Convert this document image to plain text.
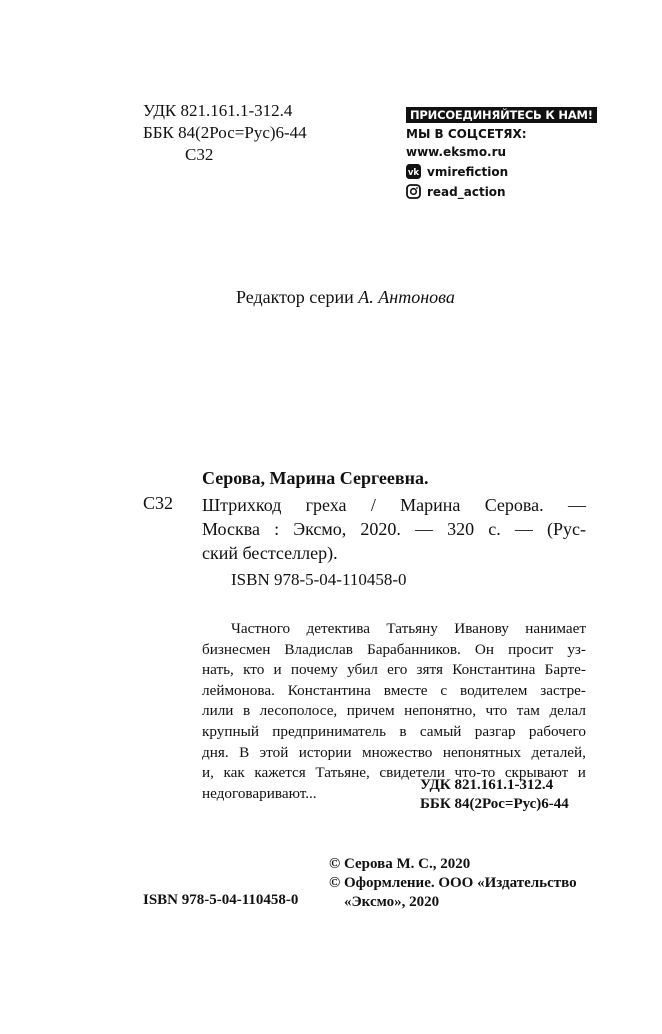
УДК 821.161.1-312.4
ББК 84(2Рос=Рус)6-44
С32
ПРИСОЕДИНЯЙТЕСЬ К НАМ!
МЫ В СОЦСЕТЯХ:
www.eksmo.ru
vk vmirefiction
read_action
Редактор серии А. Антонова
Серова, Марина Сергеевна.
С32 Штрихкод греха / Марина Серова. —
Москва : Эксмо, 2020. — 320 с. — (Рус-
ский бестселлер).
ISBN 978-5-04-110458-0
Частного детектива Татьяну Иванову нанимает
бизнесмен Владислав Барабанников. Он просит уз-
нать, кто и почему убил его зятя Константина Барте-
леймонова. Константина вместе с водителем застре-
лили в лесополосе, причем непонятно, что там делал
крупный предприниматель в самый разгар рабочего
дня. В этой истории множество непонятных деталей,
и, как кажется Татьяне, свидетели что-то скрывают и
недоговаривают...	УДК 821.161.1-312.4
ББК 84(2Рос=Рус)6-44
© Серова М. С., 2020
© Оформление. ООО «Издательство
«Эксмо», 2020
ISBN 978-5-04-110458-0
